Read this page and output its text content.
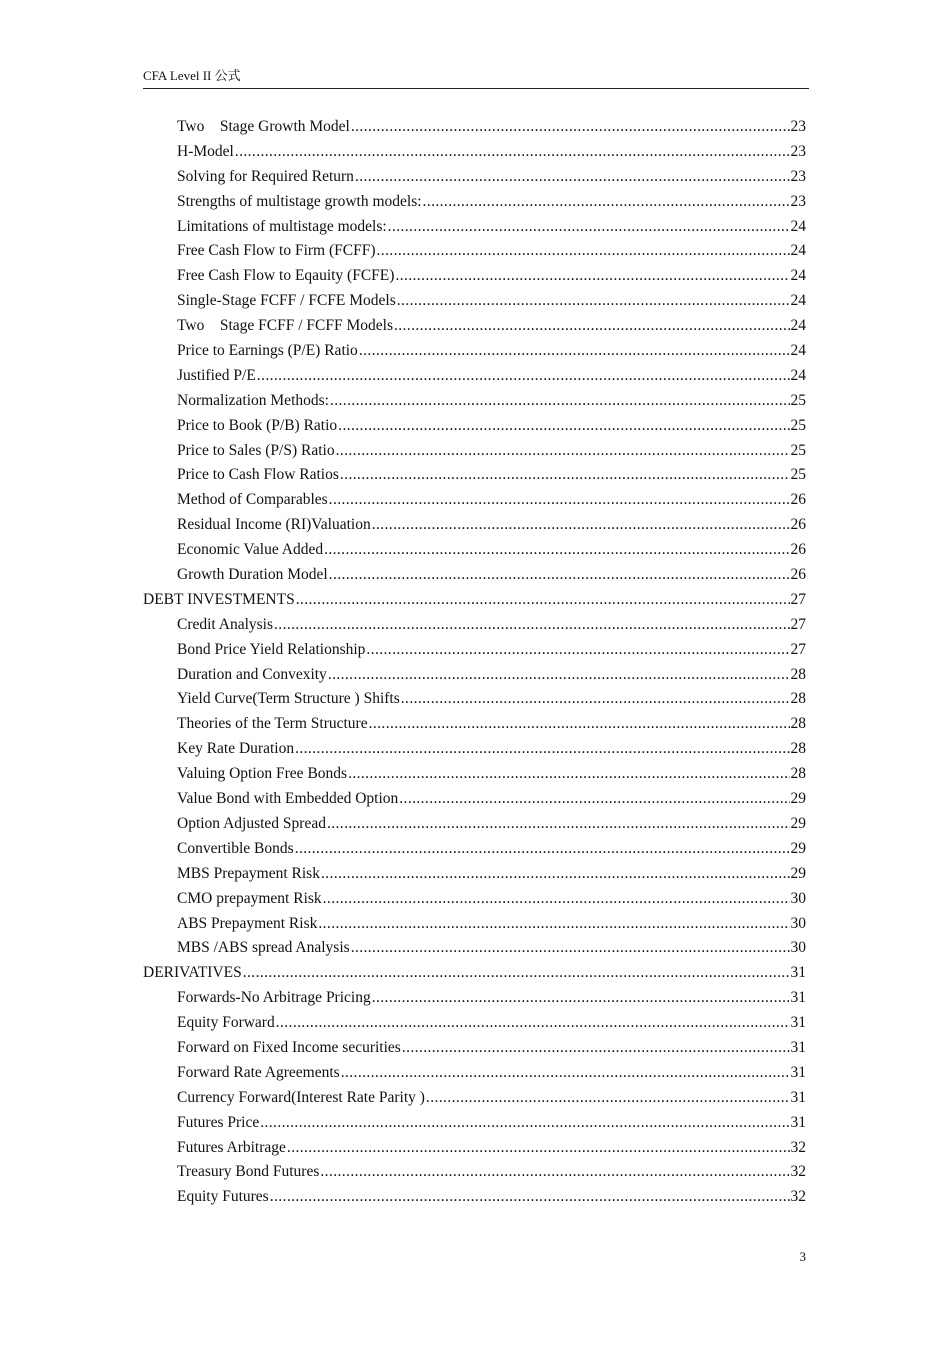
CFA Level II 公式
Two　Stage Growth Model .....	23
H-Model .....	23
Solving for Required Return .....	23
Strengths of multistage growth models: .....	23
Limitations of multistage models: .....	24
Free Cash Flow to Firm (FCFF) .....	24
Free Cash Flow to Eqauity (FCFE) .....	24
Single-Stage FCFF / FCFE Models .....	24
Two　Stage FCFF / FCFF Models .....	24
Price to Earnings (P/E) Ratio .....	24
Justified P/E .....	24
Normalization Methods: .....	25
Price to Book (P/B) Ratio .....	25
Price to Sales (P/S) Ratio .....	25
Price to Cash Flow Ratios .....	25
Method of Comparables .....	26
Residual Income (RI)Valuation .....	26
Economic Value Added .....	26
Growth Duration Model .....	26
DEBT INVESTMENTS .....	27
Credit Analysis .....	27
Bond Price Yield Relationship .....	27
Duration and Convexity .....	28
Yield Curve(Term Structure ) Shifts .....	28
Theories of the Term Structure .....	28
Key Rate Duration .....	28
Valuing Option Free Bonds .....	28
Value Bond with Embedded Option .....	29
Option Adjusted Spread .....	29
Convertible Bonds .....	29
MBS Prepayment Risk .....	29
CMO prepayment Risk .....	30
ABS Prepayment Risk .....	30
MBS /ABS spread Analysis .....	30
DERIVATIVES .....	31
Forwards-No Arbitrage Pricing .....	31
Equity Forward .....	31
Forward on Fixed Income securities .....	31
Forward Rate Agreements .....	31
Currency Forward(Interest Rate Parity ) .....	31
Futures Price .....	31
Futures Arbitrage .....	32
Treasury Bond Futures .....	32
Equity Futures .....	32
3
